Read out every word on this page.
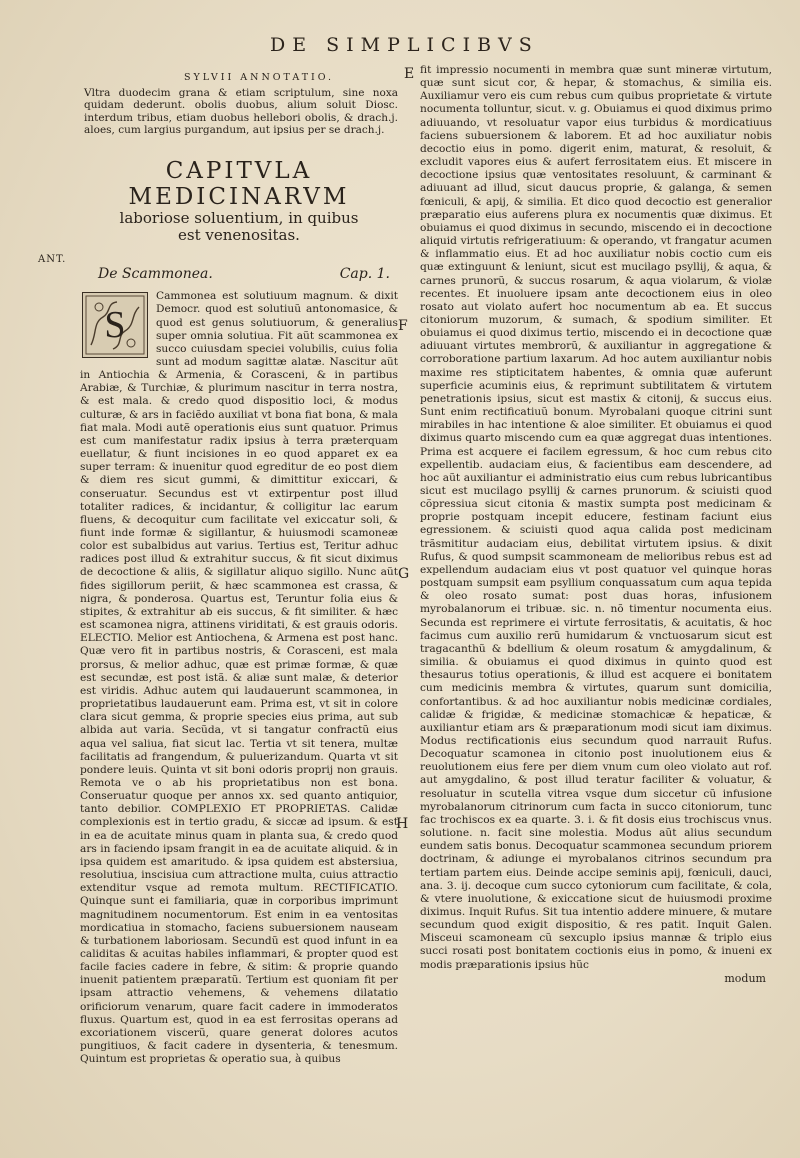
DE SIMPLICIBVS
ANT.
E
F
G
H
SYLVII ANNOTATIO.

Vltra duodecim grana & etiam scriptulum, sine noxa quidam dederunt. obolis duobus, alium soluit Diosc. interdum tribus, etiam duobus hellebori obolis, & drach.j. aloes, cum largius purgandum, aut ipsius per se drach.j.

CAPITVLA MEDICINARVM
laboriose soluentium, in quibus
est venenositas.
De Scammonea.	Cap. 1.
S

Cammonea est solutiuum magnum. & dixit Democr. quod est solutiuũ antonomasice, & quod est genus solutiuorum, & generalius super omnia solutiua. Fit aũt scammonea ex succo cuiusdam speciei volubilis, cuius folia sunt ad modum sagittæ alatæ. Nascitur aũt in Antiochia & Armenia, & Corasceni, & in partibus Arabiæ, & Turchiæ, & plurimum nascitur in terra nostra, & est mala. & credo quod dispositio loci, & modus culturæ, & ars in faciẽdo auxiliat vt bona fiat bona, & mala fiat mala. Modi autẽ operationis eius sunt quatuor. Primus est cum manifestatur radix ipsius à terra præterquam euellatur, & fiunt incisiones in eo quod apparet ex ea super terram: & inuenitur quod egreditur de eo post diem & diem res sicut gummi, & dimittitur exiccari, & conseruatur. Secundus est vt extirpentur post illud totaliter radices, & incidantur, & colligitur lac earum fluens, & decoquitur cum facilitate vel exiccatur soli, & fiunt inde formæ & sigillantur, & huiusmodi scamoneæ color est subalbidus aut varius. Tertius est, Teritur adhuc radices post illud & extrahitur succus, & fit sicut diximus de decoctione & aliis, & sigillatur aliquo sigillo. Nunc aũt fides sigillorum periit, & hæc scammonea est crassa, & nigra, & ponderosa. Quartus est, Teruntur folia eius & stipites, & extrahitur ab eis succus, & fit similiter. & hæc est scamonea nigra, attinens viriditati, & est grauis odoris. ELECTIO. Melior est Antiochena, & Armena est post hanc. Quæ vero fit in partibus nostris, & Corasceni, est mala prorsus, & melior adhuc, quæ est primæ formæ, & quæ est secundæ, est post istã. & aliæ sunt malæ, & deterior est viridis. Adhuc autem qui laudauerunt scammonea, in proprietatibus laudauerunt eam. Prima est, vt sit in colore clara sicut gemma, & proprie species eius prima, aut sub albida aut varia. Secũda, vt si tangatur confractũ eius aqua vel saliua, fiat sicut lac. Tertia vt sit tenera, multæ facilitatis ad frangendum, & puluerizandum. Quarta vt sit pondere leuis. Quinta vt sit boni odoris proprij non grauis. Remota ve o ab his proprietatibus non est bona. Conseruatur quoque per annos xx. sed quanto antiquior, tanto debilior. COMPLEXIO ET PROPRIETAS. Calidæ complexionis est in tertio gradu, & siccæ ad ipsum. & est in ea de acuitate minus quam in planta sua, & credo quod ars in faciendo ipsam frangit in ea de acuitate aliquid. & in ipsa quidem est amaritudo. & ipsa quidem est abstersiua, resolutiua, inscisiua cum attractione multa, cuius attractio extenditur vsque ad remota multum. RECTIFICATIO. Quinque sunt ei familiaria, quæ in corporibus imprimunt magnitudinem nocumentorum. Est enim in ea ventositas mordicatiua in stomacho, faciens subuersionem nauseam & turbationem laboriosam. Secundũ est quod infunt in ea caliditas & acuitas habiles inflammari, & propter quod est facile facies cadere in febre, & sitim: & proprie quando inuenit patientem præparatũ. Tertium est quoniam fit per ipsam attractio vehemens, & vehemens dilatatio orificiorum venarum, quare facit cadere in immoderatos fluxus. Quartum est, quod in ea est ferrositas operans ad excoriationem viscerũ, quare generat dolores acutos pungitiuos, & facit cadere in dysenteria, & tenesmum. Quintum est proprietas & operatio sua, à quibus

fit impressio nocumenti in membra quæ sunt mineræ virtutum, quæ sunt sicut cor, & hepar, & stomachus, & similia eis. Auxiliamur vero eis cum rebus cum quibus proprietate & virtute nocumenta tolluntur, sicut. v. g. Obuiamus ei quod diximus primo adiuuando, vt resoluatur vapor eius turbidus & mordicatiuus faciens subuersionem & laborem. Et ad hoc auxiliatur nobis decoctio eius in pomo. digerit enim, maturat, & resoluit, & excludit vapores eius & aufert ferrositatem eius. Et miscere in decoctione ipsius quæ ventositates resoluunt, & carminant & adiuuant ad illud, sicut daucus proprie, & galanga, & semen fœniculi, & apij, & similia. Et dico quod decoctio est generalior præparatio eius auferens plura ex nocumentis quæ diximus. Et obuiamus ei quod diximus in secundo, miscendo ei in decoctione aliquid virtutis refrigeratiuum: & operando, vt frangatur acumen & inflammatio eius. Et ad hoc auxiliatur nobis coctio cum eis quæ extinguunt & leniunt, sicut est mucilago psyllij, & aqua, & carnes prunorũ, & succus rosarum, & aqua violarum, & violæ recentes. Et inuoluere ipsam ante decoctionem eius in oleo rosato aut violato aufert hoc nocumentum ab ea. Et succus citoniorum muzorum, & sumach, & spodium similiter. Et obuiamus ei quod diximus tertio, miscendo ei in decoctione quæ adiuuant virtutes membrorũ, & auxiliantur in aggregatione & corroboratione partium laxarum. Ad hoc autem auxiliantur nobis maxime res stipticitatem habentes, & omnia quæ auferunt superficie acuminis eius, & reprimunt subtilitatem & virtutem penetrationis ipsius, sicut est mastix & citonij, & succus eius. Sunt enim rectificatiuũ bonum. Myrobalani quoque citrini sunt mirabiles in hac intentione & aloe similiter. Et obuiamus ei quod diximus quarto miscendo cum ea quæ aggregat duas intentiones. Prima est acquere ei facilem egressum, & hoc cum rebus cito expellentib. audaciam eius, & facientibus eam descendere, ad hoc aũt auxiliantur ei administratio eius cum rebus lubricantibus sicut est mucilago psyllij & carnes prunorum. & sciuisti quod cõpressiua sicut citonia & mastix sumpta post medicinam & proprie postquam incepit educere, festinam faciunt eius egressionem. & sciuisti quod aqua calida post medicinam trãsmititur audaciam eius, debilitat virtutem ipsius. & dixit Rufus, & quod sumpsit scammoneam de melioribus rebus est ad expellendum audaciam eius vt post quatuor vel quinque horas postquam sumpsit eam psyllium conquassatum cum aqua tepida & oleo rosato sumat: post duas horas, infusionem myrobalanorum ei tribuæ. sic. n. nõ timentur nocumenta eius. Secunda est reprimere ei virtute ferrositatis, & acuitatis, & hoc facimus cum auxilio rerũ humidarum & vnctuosarum sicut est tragacanthũ & bdellium & oleum rosatum & amygdalinum, & similia. & obuiamus ei quod diximus in quinto quod est thesaurus totius operationis, & illud est acquere ei bonitatem cum medicinis membra & virtutes, quarum sunt domicilia, confortantibus. & ad hoc auxiliantur nobis medicinæ cordiales, calidæ & frigidæ, & medicinæ stomachicæ & hepaticæ, & auxiliantur etiam ars & præparationum modi sicut iam diximus. Modus rectificationis eius secundum quod narrauit Rufus. Decoquatur scamonea in citonio post inuolutionem eius & reuolutionem eius fere per diem vnum cum oleo violato aut rof. aut amygdalino, & post illud teratur faciliter & voluatur, & resoluatur in scutella vitrea vsque dum siccetur cũ infusione myrobalanorum citrinorum cum facta in succo citoniorum, tunc fac trochiscos ex ea quarte. 3. i. & fit dosis eius trochiscus vnus. solutione. n. facit sine molestia. Modus aũt alius secundum eundem satis bonus. Decoquatur scammonea secundum priorem doctrinam, & adiunge ei myrobalanos citrinos secundum pra tertiam partem eius. Deinde accipe seminis apij, fœniculi, dauci, ana. 3. ij. decoque cum succo cytoniorum cum facilitate, & cola, & vtere inuolutione, & exiccatione sicut de huiusmodi proxime diximus. Inquit Rufus. Sit tua intentio addere minuere, & mutare secundum quod exigit dispositio, & res patit. Inquit Galen. Misceui scamoneam cũ sexcuplo ipsius mannæ & triplo eius succi rosati post bonitatem coctionis eius in pomo, & inueni ex modis præparationis ipsius hũc

modum
